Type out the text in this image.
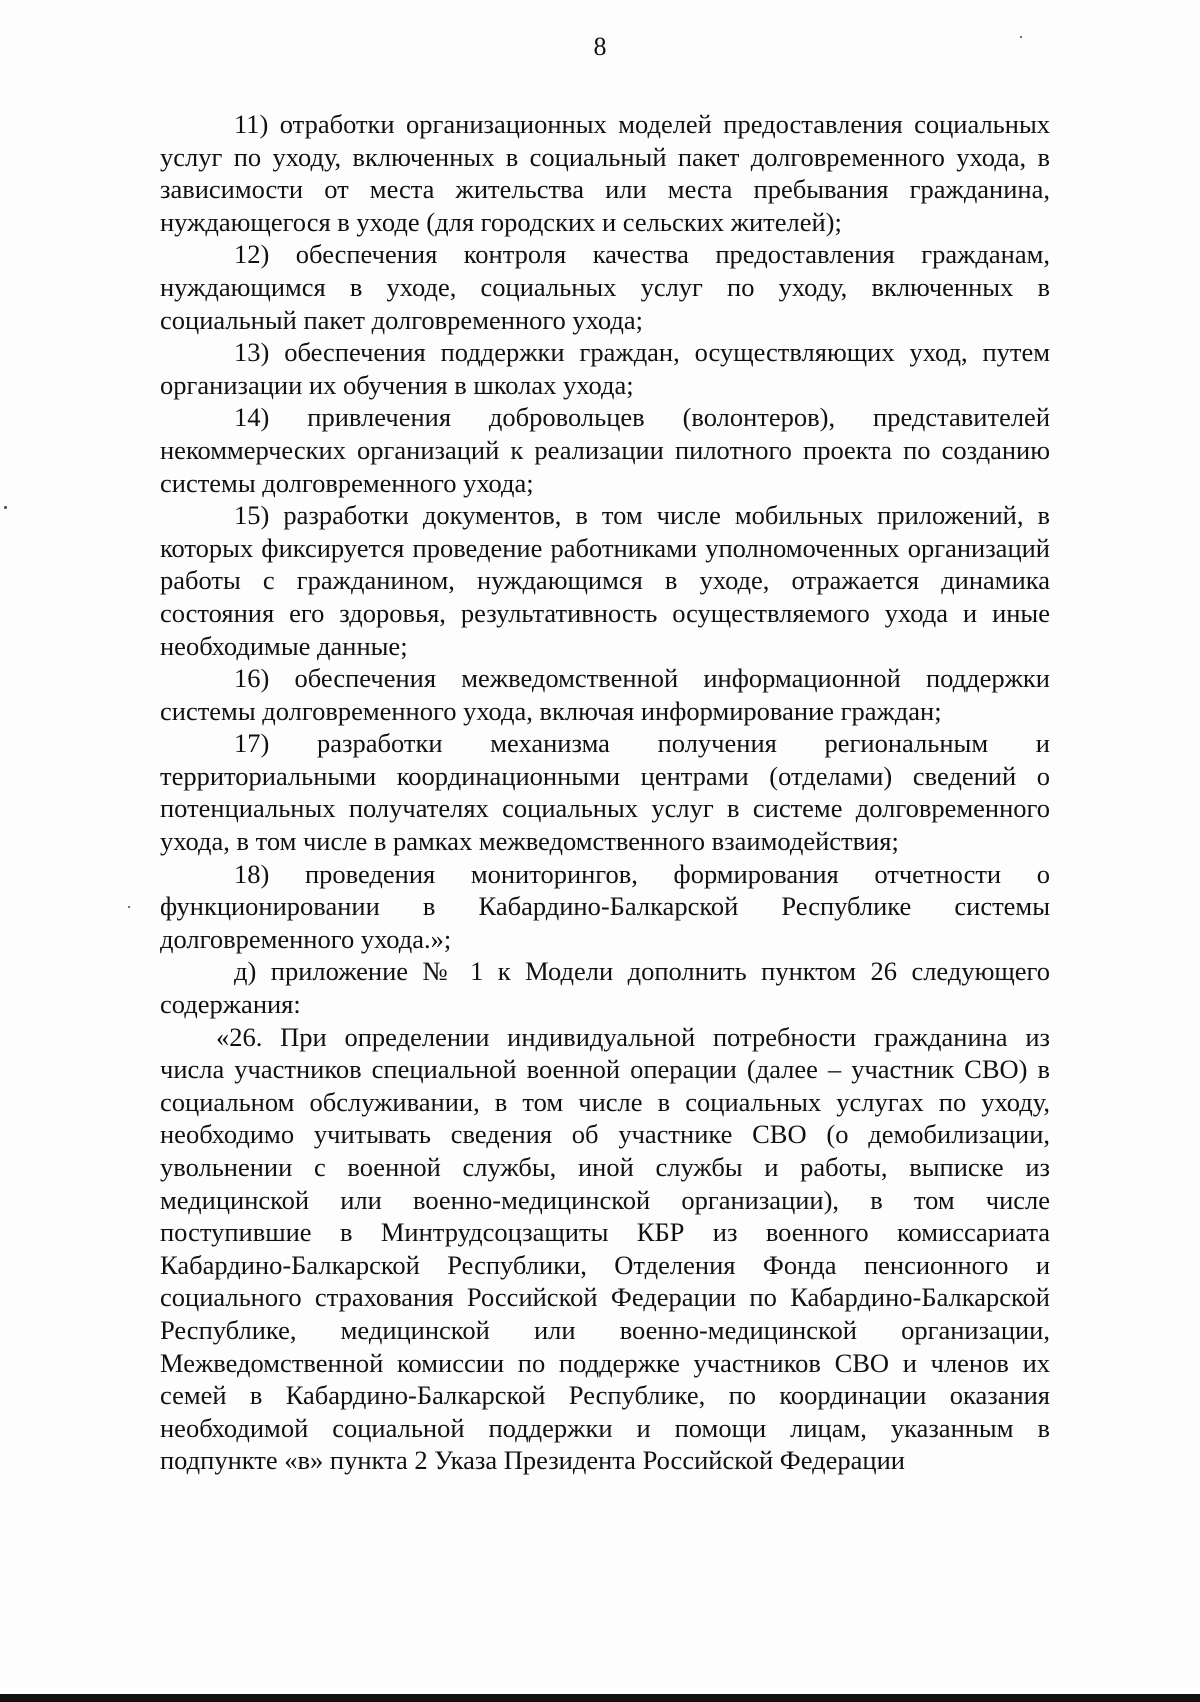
8

11) отработки организационных моделей предоставления социальных услуг по уходу, включенных в социальный пакет долговременного ухода, в зависимости от места жительства или места пребывания гражданина, нуждающегося в уходе (для городских и сельских жителей);

12) обеспечения контроля качества предоставления гражданам, нуждающимся в уходе, социальных услуг по уходу, включенных в социальный пакет долговременного ухода;

13) обеспечения поддержки граждан, осуществляющих уход, путем организации их обучения в школах ухода;

14) привлечения добровольцев (волонтеров), представителей некоммерческих организаций к реализации пилотного проекта по созданию системы долговременного ухода;

15) разработки документов, в том числе мобильных приложений, в которых фиксируется проведение работниками уполномоченных организаций работы с гражданином, нуждающимся в уходе, отражается динамика состояния его здоровья, результативность осуществляемого ухода и иные необходимые данные;

16) обеспечения межведомственной информационной поддержки системы долговременного ухода, включая информирование граждан;

17) разработки механизма получения региональным и территориальными координационными центрами (отделами) сведений о потенциальных получателях социальных услуг в системе долговременного ухода, в том числе в рамках межведомственного взаимодействия;

18) проведения мониторингов, формирования отчетности о функционировании в Кабардино-Балкарской Республике системы долговременного ухода.»;

д) приложение № 1 к Модели дополнить пунктом 26 следующего содержания:

«26. При определении индивидуальной потребности гражданина из числа участников специальной военной операции (далее – участник СВО) в социальном обслуживании, в том числе в социальных услугах по уходу, необходимо учитывать сведения об участнике СВО (о демобилизации, увольнении с военной службы, иной службы и работы, выписке из медицинской или военно-медицинской организации), в том числе поступившие в Минтрудсоцзащиты КБР из военного комиссариата Кабардино-Балкарской Республики, Отделения Фонда пенсионного и социального страхования Российской Федерации по Кабардино-Балкарской Республике, медицинской или военно-медицинской организации, Межведомственной комиссии по поддержке участников СВО и членов их семей в Кабардино-Балкарской Республике, по координации оказания необходимой социальной поддержки и помощи лицам, указанным в подпункте «в» пункта 2 Указа Президента Российской Федерации
